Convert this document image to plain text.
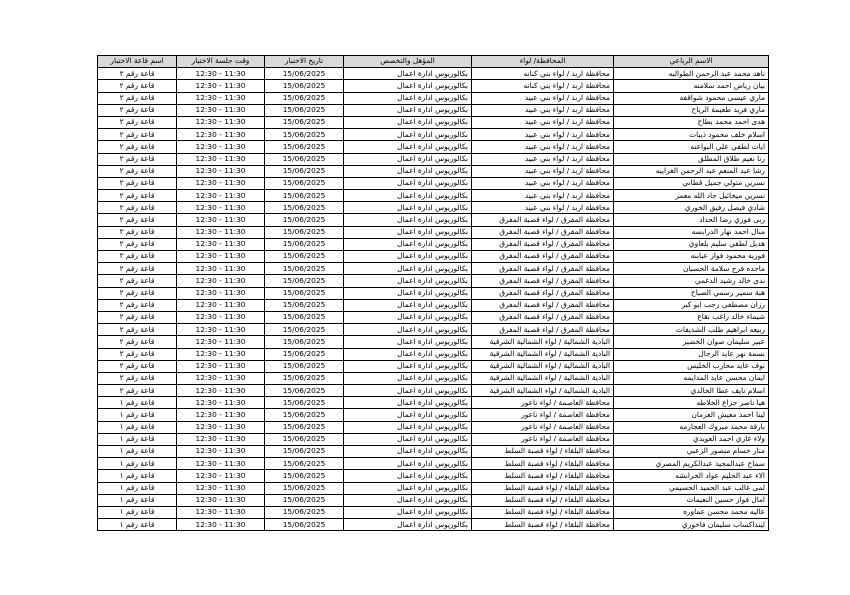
الاسم الرباعي	المحافظة/ لواء	المؤهل والتخصص	تاريخ الاختبار	وقت جلسة الاختبار	اسم قاعة الاختبار
ناهد محمد عبد الرحمن الطوالبه	محافظة اربد / لواء بني كنانه	بكالوريوس ادارة اعمال	15/06/2025	11:30 - 12:30	قاعة رقم ٢
بيان رياض احمد سلامنه	محافظة اربد / لواء بني كنانه	بكالوريوس ادارة اعمال	15/06/2025	11:30 - 12:30	قاعة رقم ٢
ماري عيسى محمود شواقفه	محافظة اربد / لواء بني عبيد	بكالوريوس ادارة اعمال	15/06/2025	11:30 - 12:30	قاعة رقم ٢
ماري فريد طعيمة الرياح	محافظة اربد / لواء بني عبيد	بكالوريوس ادارة اعمال	15/06/2025	11:30 - 12:30	قاعة رقم ٢
هدى احمد محمد بطاح	محافظة اربد / لواء بني عبيد	بكالوريوس ادارة اعمال	15/06/2025	11:30 - 12:30	قاعة رقم ٢
اسلام خلف محمود ذيبات	محافظة اربد / لواء بني عبيد	بكالوريوس ادارة اعمال	15/06/2025	11:30 - 12:30	قاعة رقم ٢
ايات لطفي علي البواعنه	محافظة اربد / لواء بني عبيد	بكالوريوس ادارة اعمال	15/06/2025	11:30 - 12:30	قاعة رقم ٢
رنا نعيم طلاق المطلق	محافظة اربد / لواء بني عبيد	بكالوريوس ادارة اعمال	15/06/2025	11:30 - 12:30	قاعة رقم ٢
رشا عبد المنعم عبد الرحمن الغرايبه	محافظة اربد / لواء بني عبيد	بكالوريوس ادارة اعمال	15/06/2025	11:30 - 12:30	قاعة رقم ٢
نسرين متولي جميل قطاني	محافظة اربد / لواء بني عبيد	بكالوريوس ادارة اعمال	15/06/2025	11:30 - 12:30	قاعة رقم ٢
نسرين ميخائيل جاد الله معمر	محافظة اربد / لواء بني عبيد	بكالوريوس ادارة اعمال	15/06/2025	11:30 - 12:30	قاعة رقم ٢
شادي فيصل رفيق الخوري	محافظة اربد / لواء بني عبيد	بكالوريوس ادارة اعمال	15/06/2025	11:30 - 12:30	قاعة رقم ٢
ربى فوزي رضا الحداد	محافظة المفرق / لواء قصبة المفرق	بكالوريوس ادارة اعمال	15/06/2025	11:30 - 12:30	قاعة رقم ٢
منال احمد نهار الدرابسه	محافظة المفرق / لواء قصبة المفرق	بكالوريوس ادارة اعمال	15/06/2025	11:30 - 12:30	قاعة رقم ٢
هديل لطفي سليم بلعاوي	محافظة المفرق / لواء قصبة المفرق	بكالوريوس ادارة اعمال	15/06/2025	11:30 - 12:30	قاعة رقم ٢
فوزيه محمود فواز عبابنه	محافظة المفرق / لواء قصبة المفرق	بكالوريوس ادارة اعمال	15/06/2025	11:30 - 12:30	قاعة رقم ٢
ماجده فرج سلامة الحسبان	محافظة المفرق / لواء قصبة المفرق	بكالوريوس ادارة اعمال	15/06/2025	11:30 - 12:30	قاعة رقم ٢
ندى خالد رشيد الدغمي	محافظة المفرق / لواء قصبة المفرق	بكالوريوس ادارة اعمال	15/06/2025	11:30 - 12:30	قاعة رقم ٢
هبة سمير رسمي الصباح	محافظة المفرق / لواء قصبة المفرق	بكالوريوس ادارة اعمال	15/06/2025	11:30 - 12:30	قاعة رقم ٢
رزان مصطفى رجب ابو كبر	محافظة المفرق / لواء قصبة المفرق	بكالوريوس ادارة اعمال	15/06/2025	11:30 - 12:30	قاعة رقم ٢
شيماء خالد راغب نقاع	محافظة المفرق / لواء قصبة المفرق	بكالوريوس ادارة اعمال	15/06/2025	11:30 - 12:30	قاعة رقم ٢
ربيعه ابراهيم طلب الشديفات	محافظة المفرق / لواء قصبة المفرق	بكالوريوس ادارة اعمال	15/06/2025	11:30 - 12:30	قاعة رقم ٢
عبير سليمان صوان الخضير	البادية الشمالية / لواء الشمالية الشرقية	بكالوريوس ادارة اعمال	15/06/2025	11:30 - 12:30	قاعة رقم ٢
بسمة نهر عايد الرجال	البادية الشمالية / لواء الشمالية الشرقية	بكالوريوس ادارة اعمال	15/06/2025	11:30 - 12:30	قاعة رقم ٢
نوف عايد محارب الخليس	البادية الشمالية / لواء الشمالية الشرقية	بكالوريوس ادارة اعمال	15/06/2025	11:30 - 12:30	قاعة رقم ٢
ايمان محسن عايد المدايمه	البادية الشمالية / لواء الشمالية الشرقية	بكالوريوس ادارة اعمال	15/06/2025	11:30 - 12:30	قاعة رقم ٢
اسلام نايف عطا الخالدي	البادية الشمالية / لواء الشمالية الشرقية	بكالوريوس ادارة اعمال	15/06/2025	11:30 - 12:30	قاعة رقم ٢
هيا ناصر جزاع الخلاطه	محافظة العاصمة / لواء ناعور	بكالوريوس ادارة اعمال	15/06/2025	11:30 - 12:30	قاعة رقم ١
لينا احمد معيش العرمان	محافظة العاصمة / لواء ناعور	بكالوريوس ادارة اعمال	15/06/2025	11:30 - 12:30	قاعة رقم ١
بارقة محمد مبروك العجارمه	محافظة العاصمة / لواء ناعور	بكالوريوس ادارة اعمال	15/06/2025	11:30 - 12:30	قاعة رقم ١
ولاء غازي احمد العويدي	محافظة العاصمة / لواء ناعور	بكالوريوس ادارة اعمال	15/06/2025	11:30 - 12:30	قاعة رقم ١
منار حسام منصور الزعبي	محافظة البلقاء / لواء قصبة السلط	بكالوريوس ادارة اعمال	15/06/2025	11:30 - 12:30	قاعة رقم ١
سماح عبدالمجيد عبدالكريم المصري	محافظة البلقاء / لواء قصبة السلط	بكالوريوس ادارة اعمال	15/06/2025	11:30 - 12:30	قاعة رقم ١
الاء عبد الحليم عواد الخرابشه	محافظة البلقاء / لواء قصبة السلط	بكالوريوس ادارة اعمال	15/06/2025	11:30 - 12:30	قاعة رقم ١
لمى غالب عبد الحميد الحسيمي	محافظة البلقاء / لواء قصبة السلط	بكالوريوس ادارة اعمال	15/06/2025	11:30 - 12:30	قاعة رقم ١
امال فواز حسين النعيمات	محافظة البلقاء / لواء قصبة السلط	بكالوريوس ادارة اعمال	15/06/2025	11:30 - 12:30	قاعة رقم ١
عاليه محمد محسن عماوره	محافظة البلقاء / لواء قصبة السلط	بكالوريوس ادارة اعمال	15/06/2025	11:30 - 12:30	قاعة رقم ١
لينداكساب سليمان فاخوري	محافظة البلقاء / لواء قصبة السلط	بكالوريوس ادارة اعمال	15/06/2025	11:30 - 12:30	قاعة رقم ١
